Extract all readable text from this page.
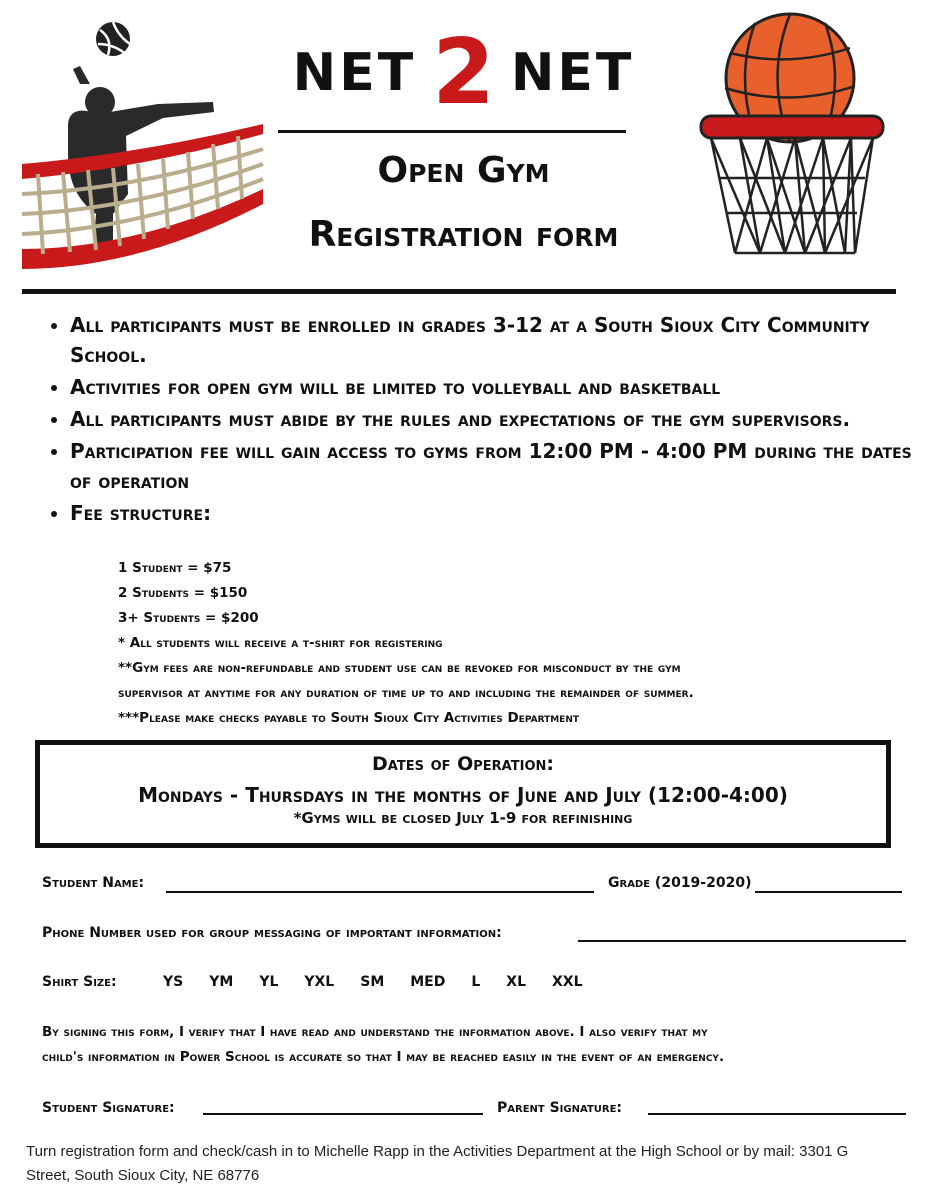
NET 2 NET
Open Gym
Registration form
• All participants must be enrolled in grades 3-12 at a South Sioux City Community School.
• Activities for open gym will be limited to volleyball and basketball
• All participants must abide by the rules and expectations of the gym supervisors.
• Participation fee will gain access to gyms from 12:00 PM - 4:00 PM during the dates of operation
• Fee structure:
1 Student = $75
2 Students = $150
3+ Students = $200
* All students will receive a t-shirt for registering
**Gym fees are non-refundable and student use can be revoked for misconduct by the gym
supervisor at anytime for any duration of time up to and including the remainder of summer.
***Please make checks payable to South Sioux City Activities Department
Dates of Operation:
Mondays - Thursdays in the months of June and July (12:00-4:00)
*Gyms will be closed July 1-9 for refinishing
Student Name:	Grade (2019-2020)
Phone Number used for group messaging of important information:
Shirt Size:	YS YM YL YXL SM MED L XL XXL
By signing this form, I verify that I have read and understand the information above. I also verify that my
child's information in Power School is accurate so that I may be reached easily in the event of an emergency.
Student Signature:	Parent Signature:
Turn registration form and check/cash in to Michelle Rapp in the Activities Department at the High School or by mail: 3301 G
Street, South Sioux City, NE 68776
